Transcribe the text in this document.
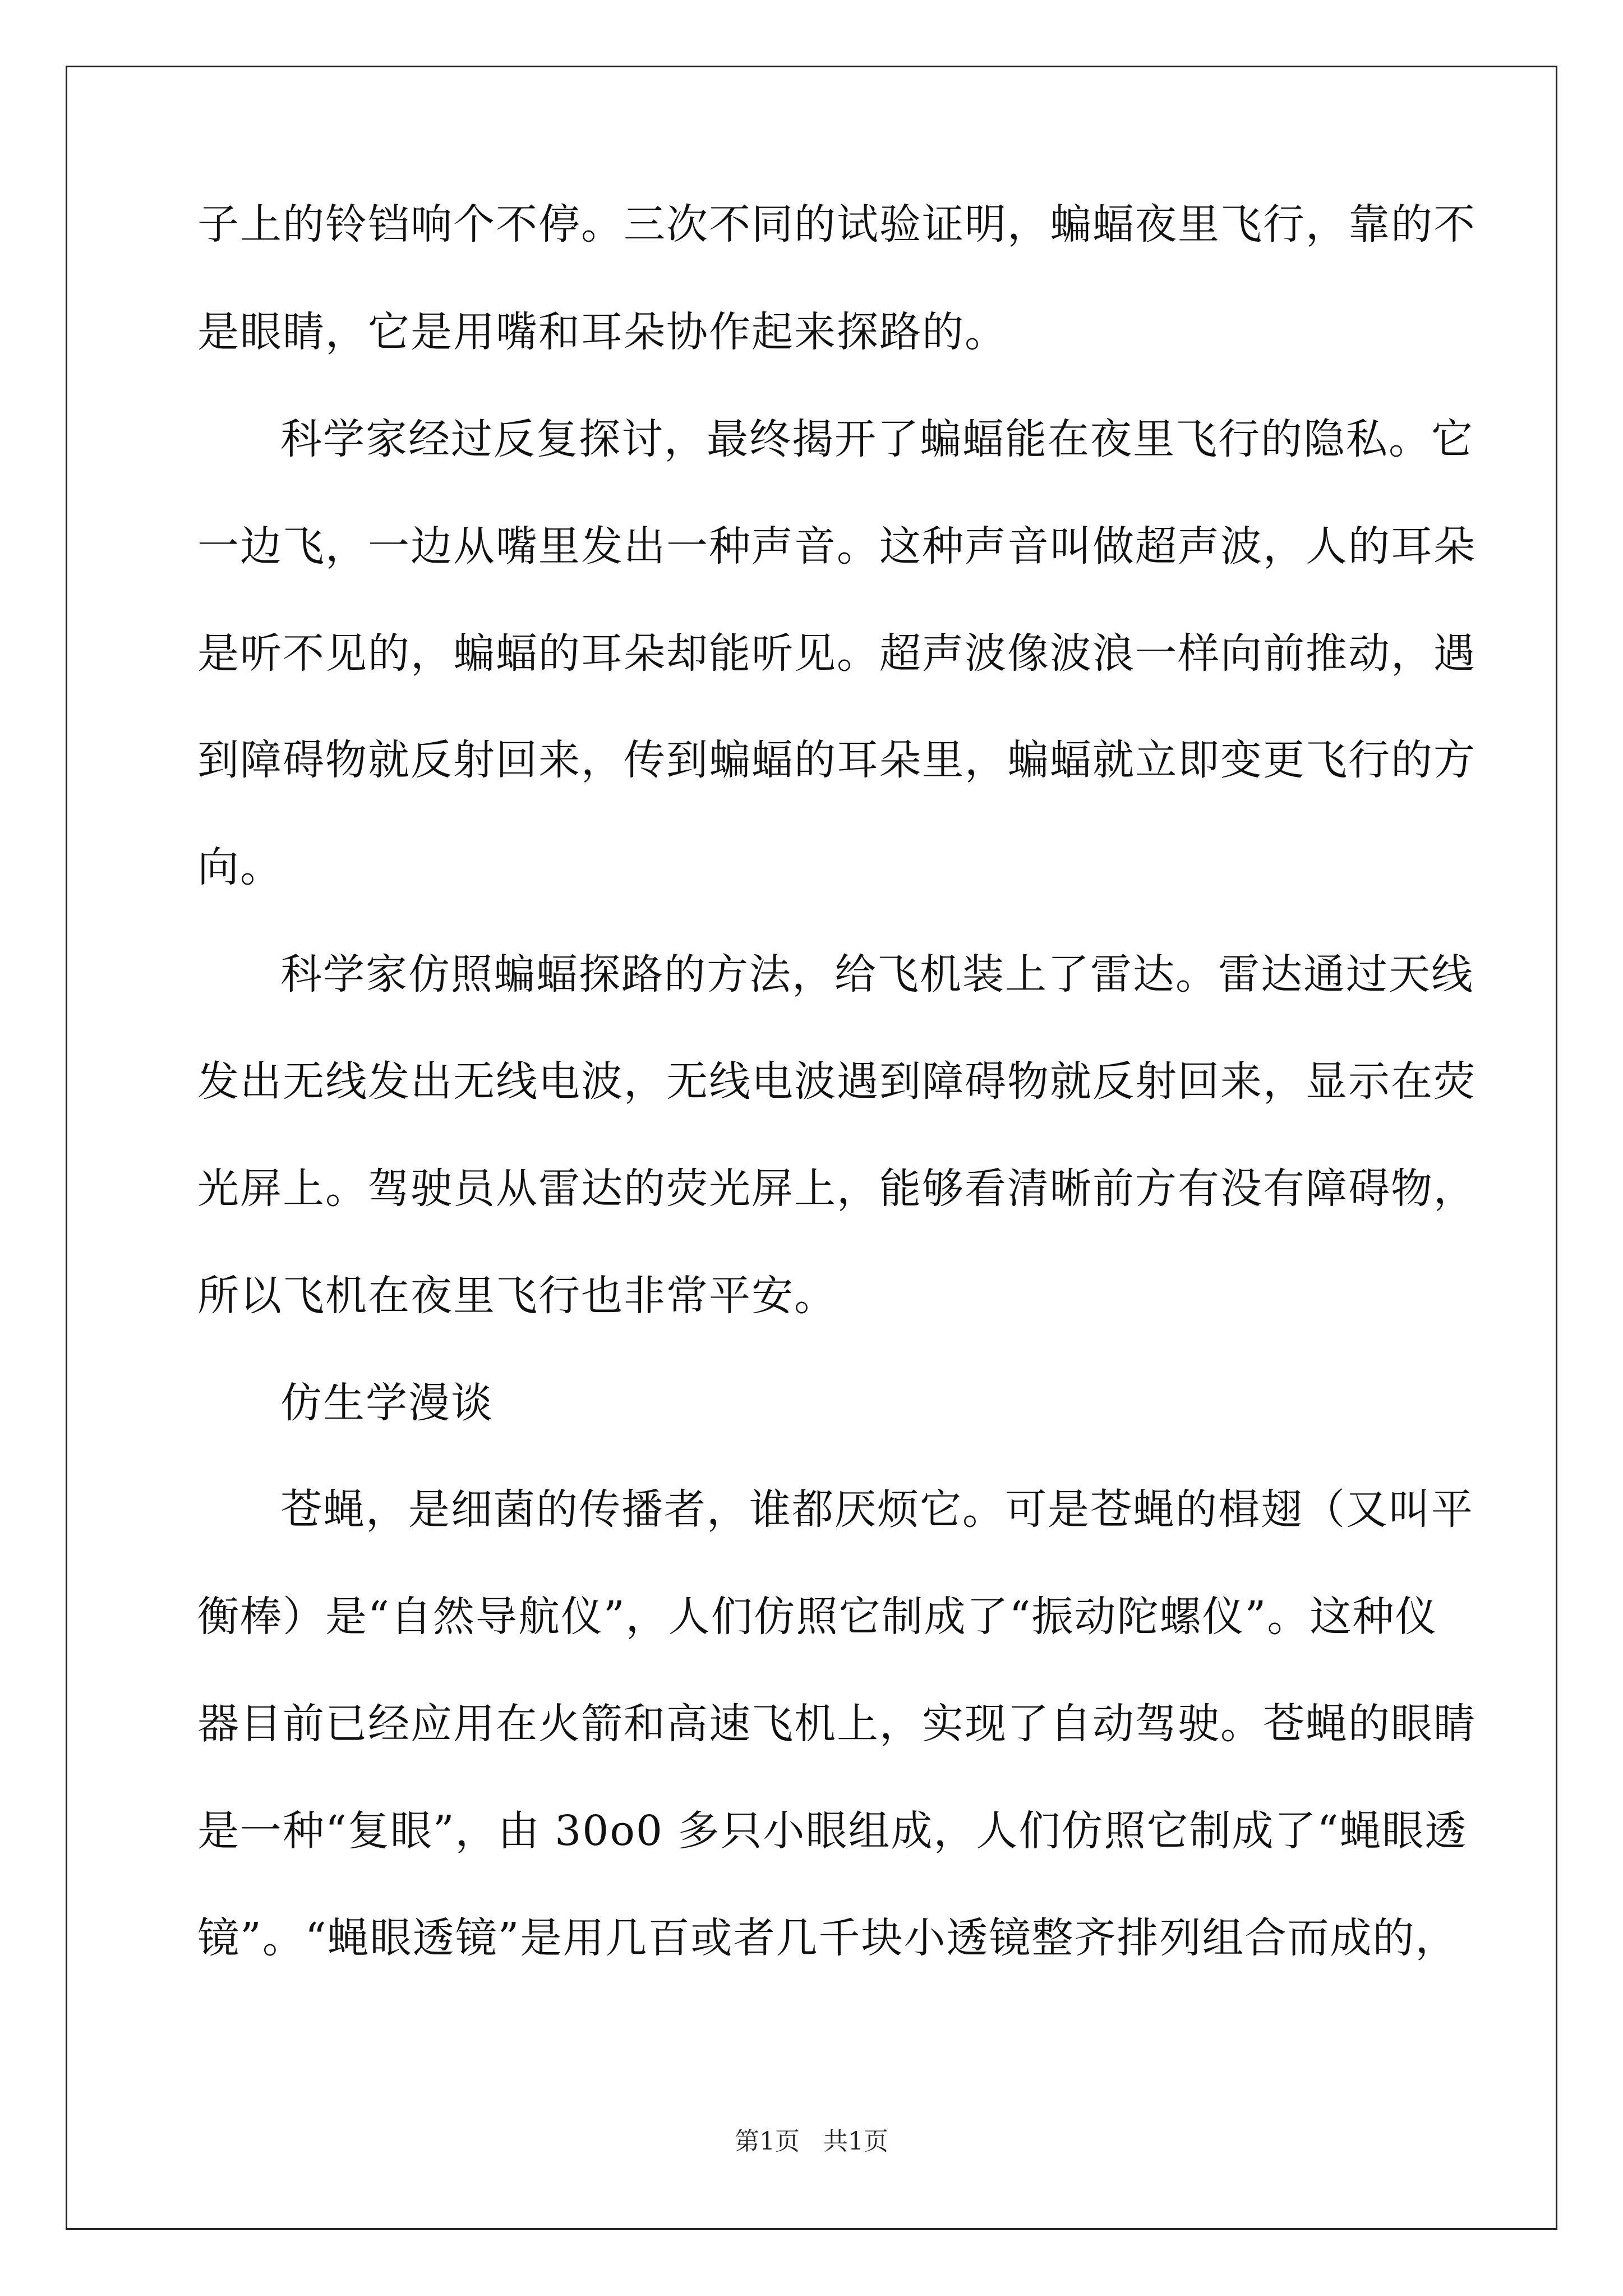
子上的铃铛响个不停。三次不同的试验证明，蝙蝠夜里飞行，靠的不
是眼睛，它是用嘴和耳朵协作起来探路的。
科学家经过反复探讨，最终揭开了蝙蝠能在夜里飞行的隐私。它
一边飞，一边从嘴里发出一种声音。这种声音叫做超声波，人的耳朵
是听不见的，蝙蝠的耳朵却能听见。超声波像波浪一样向前推动，遇
到障碍物就反射回来，传到蝙蝠的耳朵里，蝙蝠就立即变更飞行的方
向。
科学家仿照蝙蝠探路的方法，给飞机装上了雷达。雷达通过天线
发出无线发出无线电波，无线电波遇到障碍物就反射回来，显示在荧
光屏上。驾驶员从雷达的荧光屏上，能够看清晰前方有没有障碍物，
所以飞机在夜里飞行也非常平安。
仿生学漫谈
苍蝇，是细菌的传播者，谁都厌烦它。可是苍蝇的楫翅（又叫平
衡棒）是“自然导航仪”，人们仿照它制成了“振动陀螺仪”。这种仪
器目前已经应用在火箭和高速飞机上，实现了自动驾驶。苍蝇的眼睛
是一种“复眼”，由 30o0 多只小眼组成，人们仿照它制成了“蝇眼透
镜”。“蝇眼透镜”是用几百或者几千块小透镜整齐排列组合而成的，
第1页   共1页
